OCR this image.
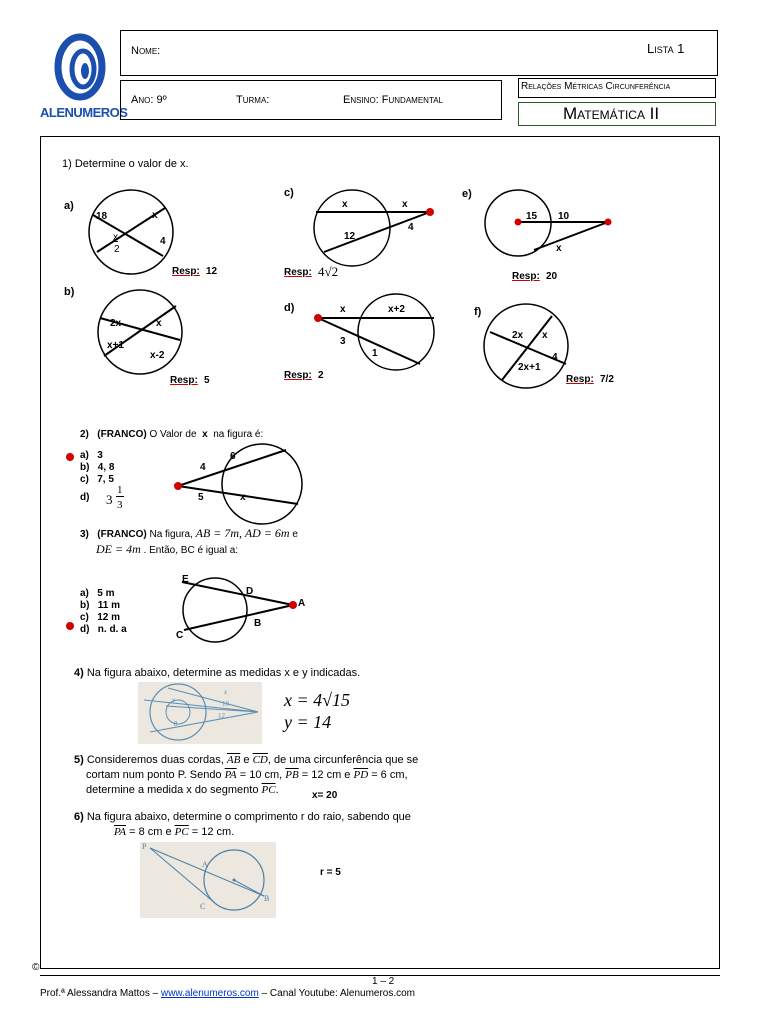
ALENUMEROS
Nome:	Lista 1
Ano: 9º	Turma:	Ensino: Fundamental
Relações Métricas Circunferência
Matemática II
1) Determine o valor de x.
a)
18	x
x
2
4
Resp: 12
b)
2x	x
x+1
x-2
Resp: 5
c)
x	x
12
4
Resp: 4√2
d)	x	x+2
3
1
Resp: 2
e)
15 10
x
Resp: 20
f)
2x x
4
2x+1
Resp: 7/2
2) (FRANCO) O Valor de x na figura é:
a) 3
b) 4, 8
c) 7, 5
d) 3
1
3
6
4
5	x
3) (FRANCO) Na figura, AB = 7m, AD = 6m e
DE = 4m . Então, BC é igual a:
a) 5 m
b) 11 m
c) 12 m
d) n. d. a
E
D
A
B
C
4) Na figura abaixo, determine as medidas x e y indicadas.
x
y	10
12
8
x = 4√15
y = 14
5) Consideremos duas cordas, $\overline{AB}$ e $\overline{CD}$, de uma circunferência que se
cortam num ponto P. Sendo $\overline{PA} = 10$ cm, $\overline{PB} = 12$ cm e $\overline{PD} = 6$ cm,
determine a medida x do segmento $\overline{PC}$.	x= 20
6) Na figura abaixo, determine o comprimento r do raio, sabendo que
$\overline{PA} = 8$ cm e $\overline{PC} = 12$ cm.
P
A
B
C
r = 5
©
1 – 2
Prof.ª Alessandra Mattos – www.alenumeros.com – Canal Youtube: Alenumeros.com
